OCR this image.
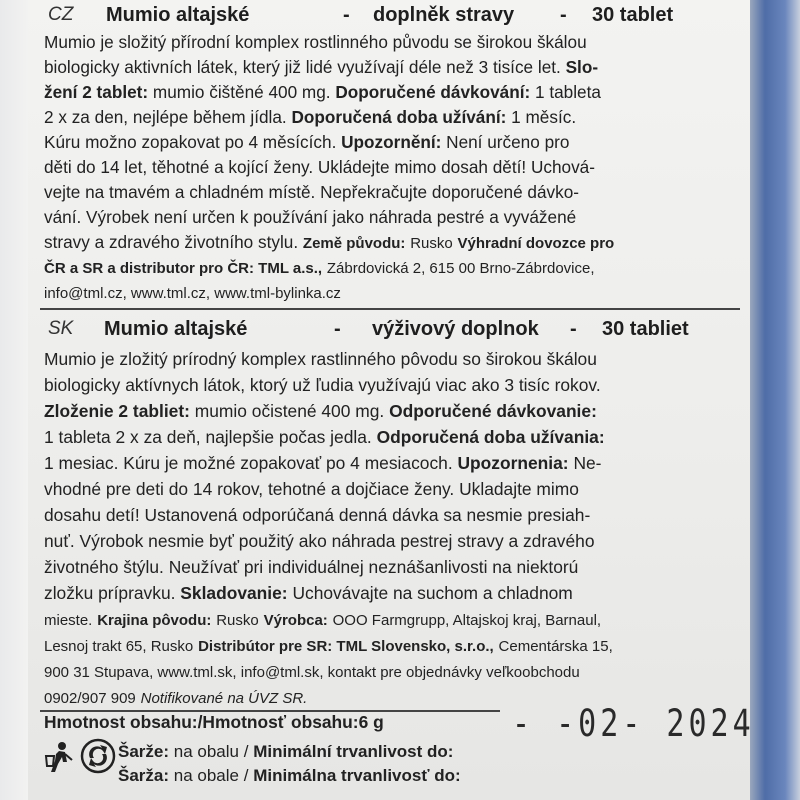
CZ Mumio altajské	- doplněk stravy - 30 tablet
Mumio je složitý přírodní komplex rostlinného původu se širokou škálou
biologicky aktivních látek, který již lidé využívají déle než 3 tisíce let. Slo-
žení 2 tablet: mumio čištěné 400 mg. Doporučené dávkování: 1 tableta
2 x za den, nejlépe během jídla. Doporučená doba užívání: 1 měsíc.
Kúru možno zopakovat po 4 měsících. Upozornění: Není určeno pro
děti do 14 let, těhotné a kojící ženy. Ukládejte mimo dosah dětí! Uchová-
vejte na tmavém a chladném místě. Nepřekračujte doporučené dávko-
vání. Výrobek není určen k používání jako náhrada pestré a vyvážené
stravy a zdravého životního stylu. Země původu: Rusko Výhradní dovozce pro
ČR a SR a distributor pro ČR: TML a.s., Zábrdovická 2, 615 00 Brno-Zábrdovice,
info@tml.cz, www.tml.cz, www.tml-bylinka.cz
SK Mumio altajské	- výživový doplnok - 30 tabliet
Mumio je zložitý prírodný komplex rastlinného pôvodu so širokou škálou
biologicky aktívnych látok, ktorý už ľudia využívajú viac ako 3 tisíc rokov.
Zloženie 2 tabliet: mumio očistené 400 mg. Odporučené dávkovanie:
1 tableta 2 x za deň, najlepšie počas jedla. Odporučená doba užívania:
1 mesiac. Kúru je možné zopakovať po 4 mesiacoch. Upozornenia: Ne-
vhodné pre deti do 14 rokov, tehotné a dojčiace ženy. Ukladajte mimo
dosahu detí! Ustanovená odporúčaná denná dávka sa nesmie presiah-
nuť. Výrobok nesmie byť použitý ako náhrada pestrej stravy a zdravého
životného štýlu. Neužívať pri individuálnej neznášanlivosti na niektorú
zložku prípravku. Skladovanie: Uchovávajte na suchom a chladnom
mieste. Krajina pôvodu: Rusko Výrobca: OOO Farmgrupp, Altajskoj kraj, Barnaul,
Lesnoj trakt 65, Rusko Distribútor pre SR: TML Slovensko, s.r.o., Cementárska 15,
900 31 Stupava, www.tml.sk, info@tml.sk, kontakt pre objednávky veľkoobchodu
0902/907 909 Notifikované na ÚVZ SR.
Hmotnost obsahu:/Hmotnosť obsahu:6 g	- -02- 2024
Šarže: na obalu / Minimální trvanlivost do:
Šarža: na obale / Minimálna trvanlivosť do:
